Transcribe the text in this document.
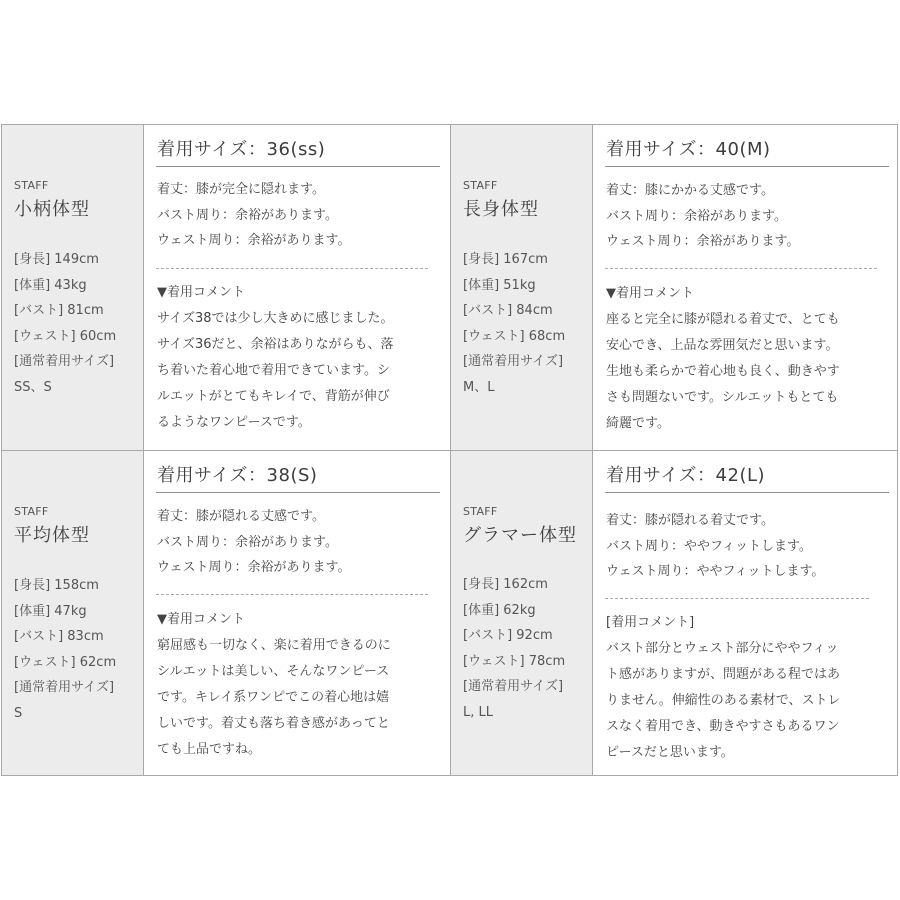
STAFF
小柄体型
[身長] 149cm
[体重] 43kg
[バスト] 81cm
[ウェスト] 60cm
[通常着用サイズ]
SS、S
着用サイズ：36(ss)
着丈：膝が完全に隠れます。
バスト周り：余裕があります。
ウェスト周り：余裕があります。
▼着用コメント
サイズ38では少し大きめに感じました。
サイズ36だと、余裕はありながらも、落
ち着いた着心地で着用できています。シ
ルエットがとてもキレイで、背筋が伸び
るようなワンピースです。
STAFF
長身体型
[身長] 167cm
[体重] 51kg
[バスト] 84cm
[ウェスト] 68cm
[通常着用サイズ]
M、L
着用サイズ：40(M)
着丈：膝にかかる丈感です。
バスト周り：余裕があります。
ウェスト周り：余裕があります。
▼着用コメント
座ると完全に膝が隠れる着丈で、とても
安心でき、上品な雰囲気だと思います。
生地も柔らかで着心地も良く、動きやす
さも問題ないです。シルエットもとても
綺麗です。
STAFF
平均体型
[身長] 158cm
[体重] 47kg
[バスト] 83cm
[ウェスト] 62cm
[通常着用サイズ]
S
着用サイズ：38(S)
着丈：膝が隠れる丈感です。
バスト周り：余裕があります。
ウェスト周り：余裕があります。
▼着用コメント
窮屈感も一切なく、楽に着用できるのに
シルエットは美しい、そんなワンピース
です。キレイ系ワンピでこの着心地は嬉
しいです。着丈も落ち着き感があってと
ても上品ですね。
STAFF
グラマー体型
[身長] 162cm
[体重] 62kg
[バスト] 92cm
[ウェスト] 78cm
[通常着用サイズ]
L, LL
着用サイズ：42(L)
着丈：膝が隠れる着丈です。
バスト周り：ややフィットします。
ウェスト周り：ややフィットします。
[着用コメント]
バスト部分とウェスト部分にややフィッ
ト感がありますが、問題がある程ではあ
りません。伸縮性のある素材で、ストレ
スなく着用でき、動きやすさもあるワン
ピースだと思います。
